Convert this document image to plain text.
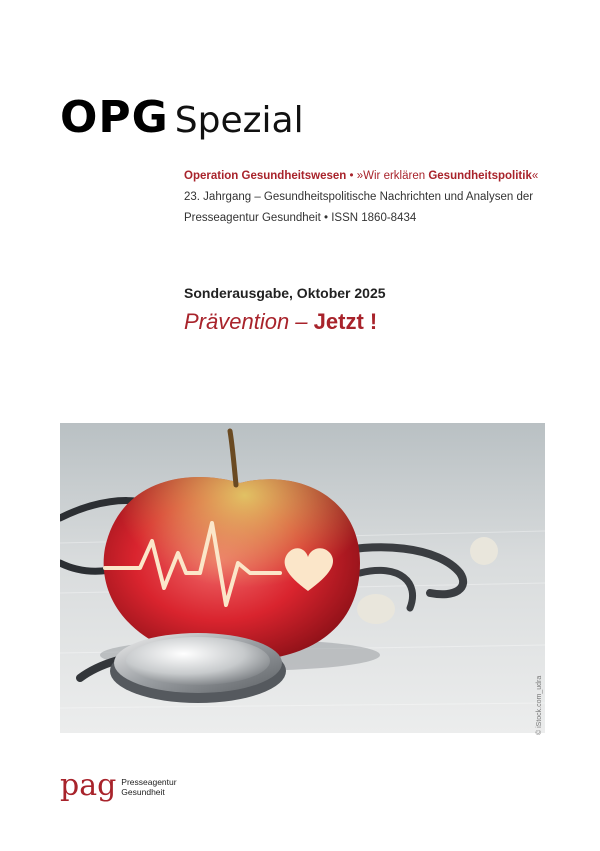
OPG Spezial
Operation Gesundheitswesen • »Wir erklären Gesundheitspolitik«
23. Jahrgang – Gesundheitspolitische Nachrichten und Analysen der Presseagentur Gesundheit • ISSN 1860-8434
Sonderausgabe, Oktober 2025
Prävention – Jetzt !
© iStock.com_udra
pag Presseagentur
Gesundheit
